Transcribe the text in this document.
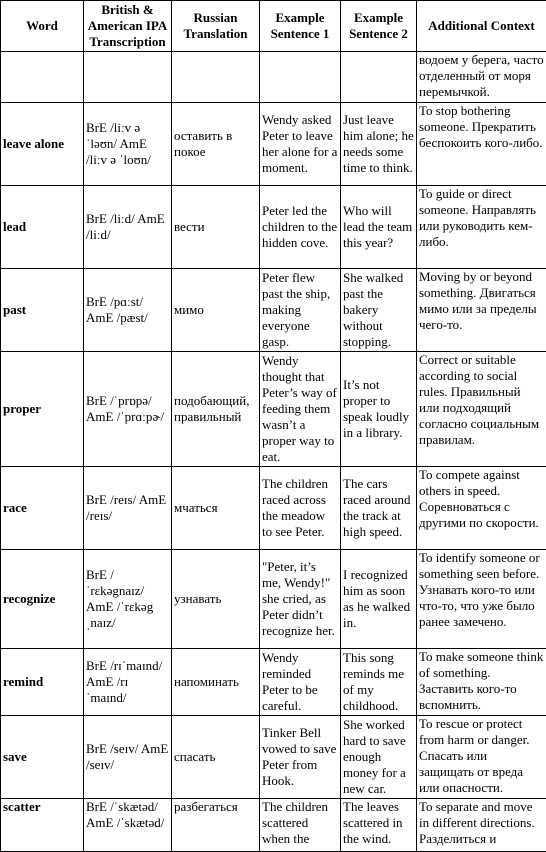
Word	British & American IPA Transcription	Russian Translation	Example Sentence 1	Example Sentence 2	Additional Context
					водоем у берега, часто отделенный от моря перемычкой.
leave alone	BrE /liːv ə ˈləʊn/ AmE /liːv ə ˈloʊn/	оставить в покое	Wendy asked Peter to leave her alone for a moment.	Just leave him alone; he needs some time to think.	To stop bothering someone. Прекратить беспокоить кого-либо.
lead	BrE /liːd/ AmE /liːd/	вести	Peter led the children to the hidden cove.	Who will lead the team this year?	To guide or direct someone. Направлять или руководить кем-либо.
past	BrE /pɑːst/ AmE /pæst/	мимо	Peter flew past the ship, making everyone gasp.	She walked past the bakery without stopping.	Moving by or beyond something. Двигаться мимо или за пределы чего-то.
proper	BrE /ˈprɒpə/ AmE /ˈprɑːpɚ/	подобающий, правильный	Wendy thought that Peter’s way of feeding them wasn’t a proper way to eat.	It’s not proper to speak loudly in a library.	Correct or suitable according to social rules. Правильный или подходящий согласно социальным правилам.
race	BrE /reɪs/ AmE /reɪs/	мчаться	The children raced across the meadow to see Peter.	The cars raced around the track at high speed.	To compete against others in speed. Соревноваться с другими по скорости.
recognize	BrE /ˈrɛkəgnaɪz/ AmE /ˈrɛkəg ˌnaɪz/	узнавать	"Peter, it’s me, Wendy!" she cried, as Peter didn’t recognize her.	I recognized him as soon as he walked in.	To identify someone or something seen before. Узнавать кого-то или что-то, что уже было ранее замечено.
remind	BrE /rɪˈmaɪnd/ AmE /rɪ ˈmaɪnd/	напоминать	Wendy reminded Peter to be careful.	This song reminds me of my childhood.	To make someone think of something. Заставить кого-то вспомнить.
save	BrE /seɪv/ AmE /seɪv/	спасать	Tinker Bell vowed to save Peter from Hook.	She worked hard to save enough money for a new car.	To rescue or protect from harm or danger. Спасать или защищать от вреда или опасности.
scatter	BrE /ˈskætəd/ AmE /ˈskætəd/	разбегаться	The children scattered when the	The leaves scattered in the wind.	To separate and move in different directions. Разделиться и
